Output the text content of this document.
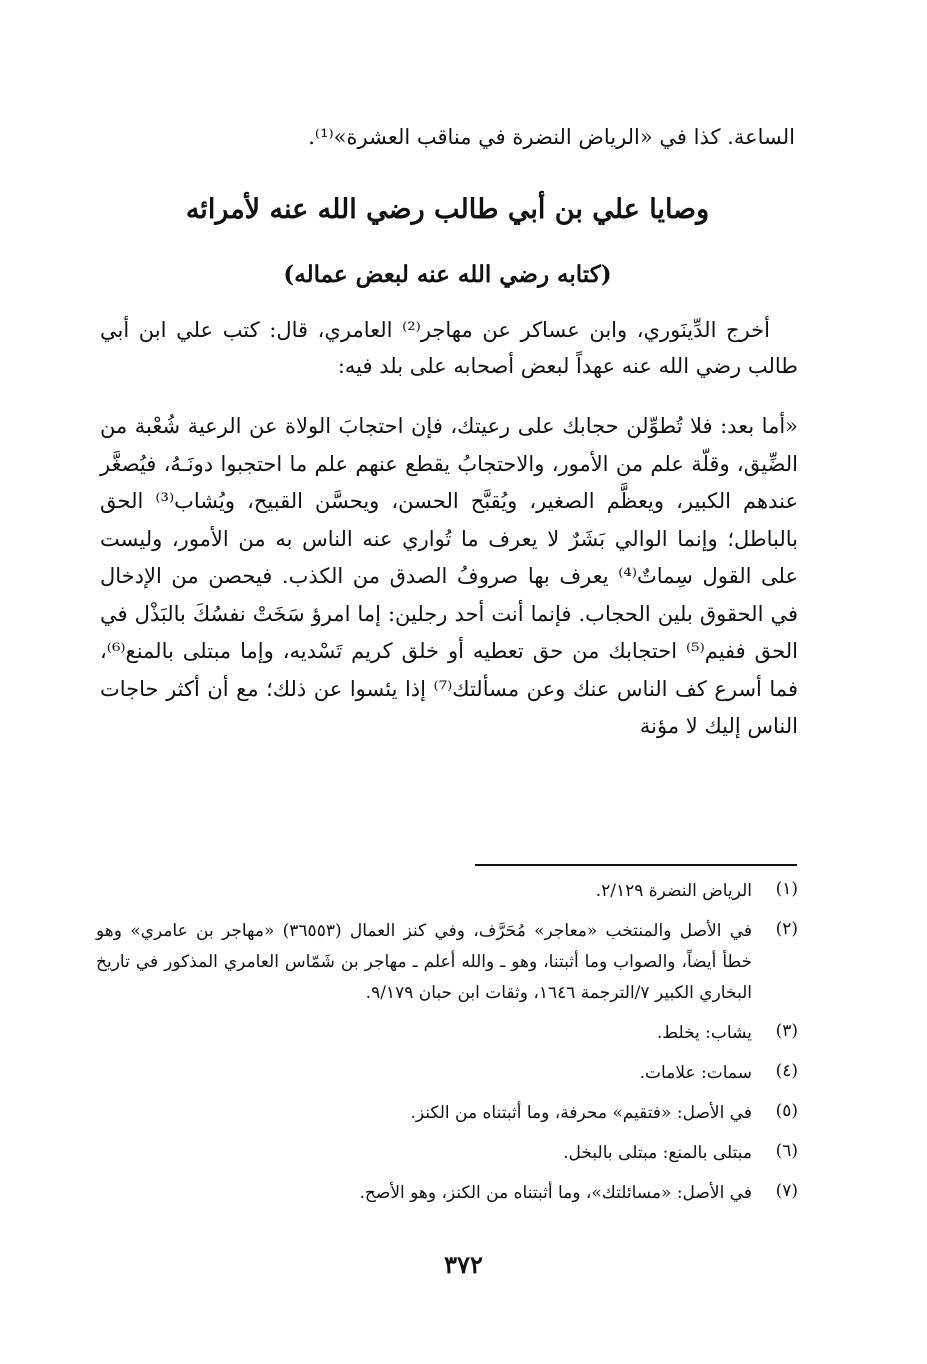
الساعة. كذا في «الرياض النضرة في مناقب العشرة»⁽¹⁾.
وصايا علي بن أبي طالب رضي الله عنه لأمرائه
(كتابه رضي الله عنه لبعض عماله)
أخرج الدِّينَوري، وابن عساكر عن مهاجر⁽²⁾ العامري، قال: كتب علي ابن أبي طالب رضي الله عنه عهداً لبعض أصحابه على بلد فيه:
«أما بعد: فلا تُطوِّلن حجابك على رعيتك، فإن احتجابَ الولاة عن الرعية شُعْبة من الضِّيق، وقلّة علم من الأمور، والاحتجابُ يقطع عنهم علم ما احتجبوا دونَـهُ، فيُصغَّر عندهم الكبير، ويعظَّم الصغير، ويُقبَّح الحسن، ويحسَّن القبيح، ويُشاب⁽³⁾ الحق بالباطل؛ وإنما الوالي بَشَرٌ لا يعرف ما تُواري عنه الناس به من الأمور، وليست على القول سِماتٌ⁽⁴⁾ يعرف بها صروفُ الصدق من الكذب. فيحصن من الإدخال في الحقوق بلين الحجاب. فإنما أنت أحد رجلين: إما امرؤ سَخَتْ نفسُكَ بالبَذْل في الحق ففيم⁽⁵⁾ احتجابك من حق تعطيه أو خلق كريم تَسْديه، وإما مبتلى بالمنع⁽⁶⁾، فما أسرع كف الناس عنك وعن مسألتك⁽⁷⁾ إذا يئسوا عن ذلك؛ مع أن أكثر حاجات الناس إليك لا مؤنة
(١)
الرياض النضرة ٢/١٢٩.
(٢)
في الأصل والمنتخب «معاجر» مُحَرَّف، وفي كنز العمال (٣٦٥٥٣) «مهاجر بن عامري» وهو خطأ أيضاً، والصواب وما أثبتنا، وهو ـ والله أعلم ـ مهاجر بن شَمّاس العامري المذكور في تاريخ البخاري الكبير ٧/الترجمة ١٦٤٦، وثقات ابن حبان ٩/١٧٩.
(٣)
يشاب: يخلط.
(٤)
سمات: علامات.
(٥)
في الأصل: «فتقيم» محرفة، وما أثبتناه من الكنز.
(٦)
مبتلى بالمنع: مبتلى بالبخل.
(٧)
في الأصل: «مسائلتك»، وما أثبتناه من الكنز، وهو الأصح.
٣٧٢
